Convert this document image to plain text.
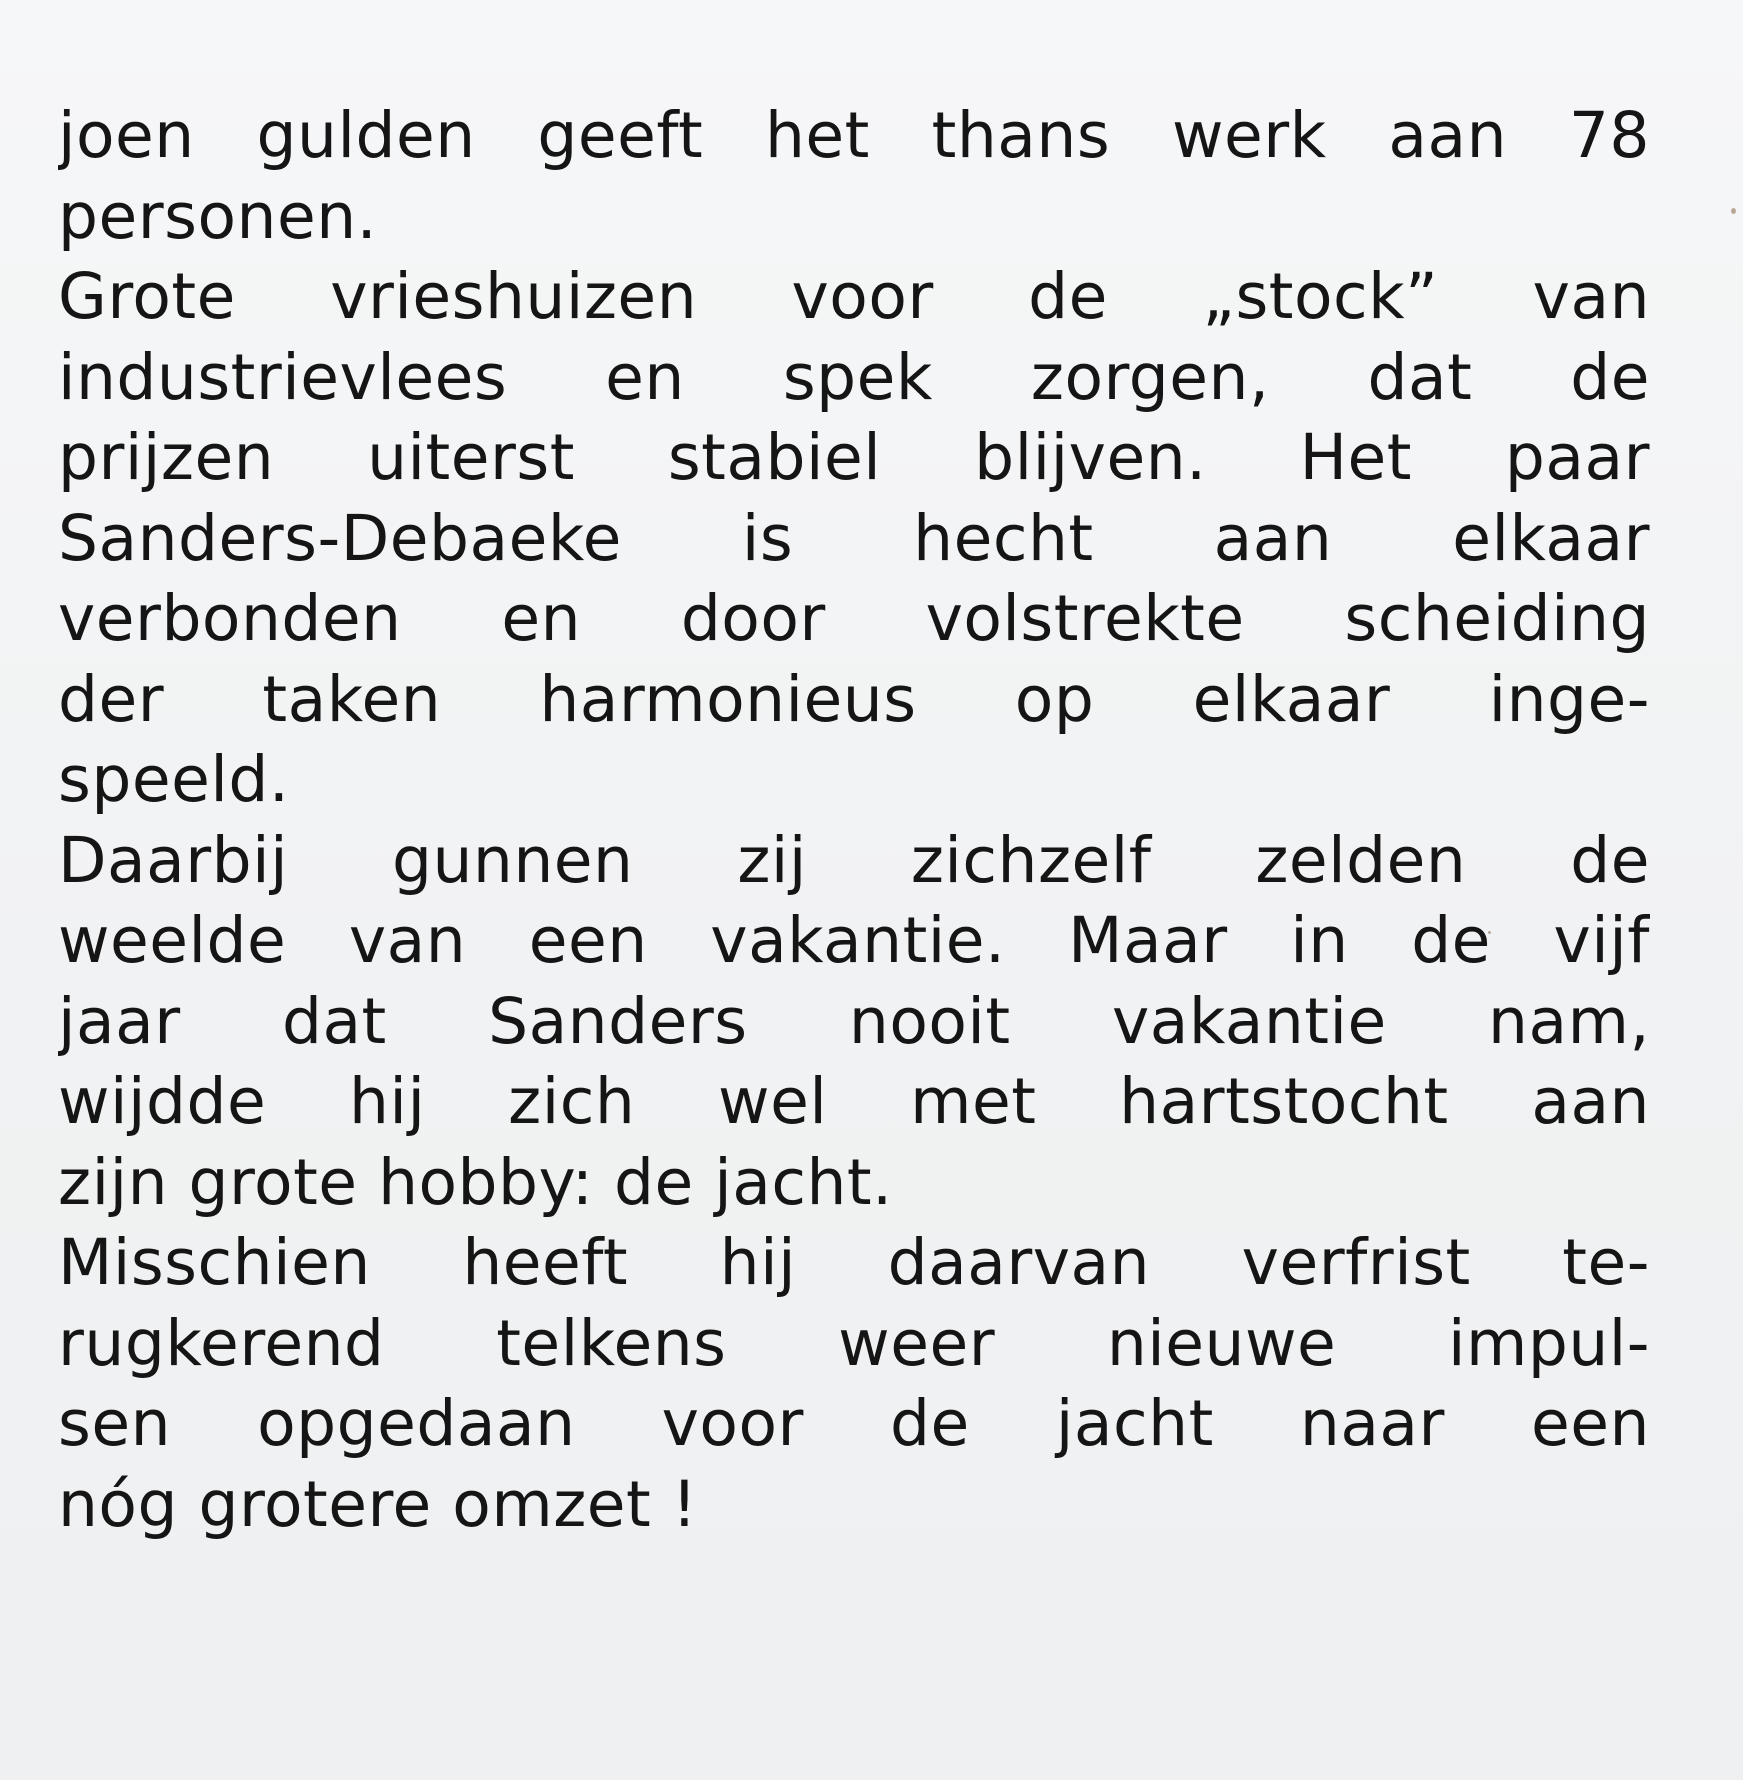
joen gulden geeft het thans werk aan 78
personen.
Grote vrieshuizen voor de „stock” van
industrievlees en spek zorgen, dat de
prijzen uiterst stabiel blijven. Het paar
Sanders-Debaeke is hecht aan elkaar
verbonden en door volstrekte scheiding
der taken harmonieus op elkaar inge-
speeld.
Daarbij gunnen zij zichzelf zelden de
weelde van een vakantie. Maar in de vijf
jaar dat Sanders nooit vakantie nam,
wijdde hij zich wel met hartstocht aan
zijn grote hobby: de jacht.
Misschien heeft hij daarvan verfrist te-
rugkerend telkens weer nieuwe impul-
sen opgedaan voor de jacht naar een
nóg grotere omzet !
